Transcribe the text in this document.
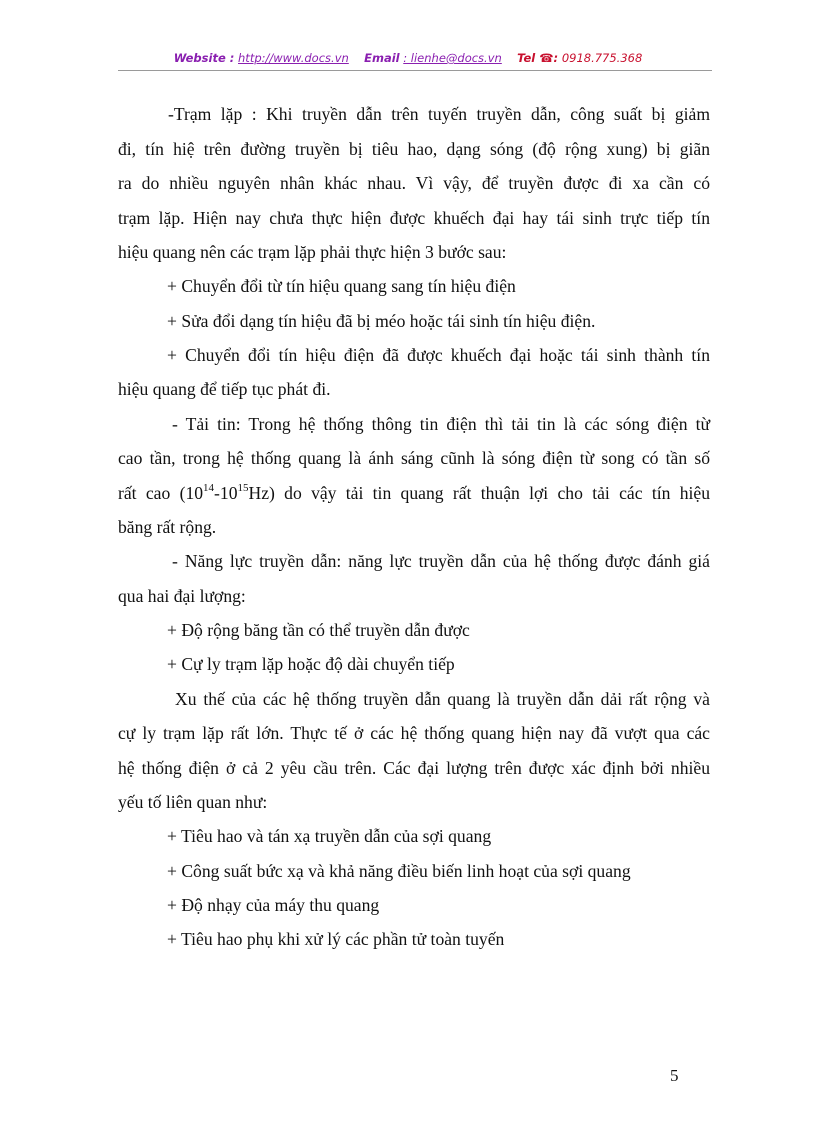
Website : http://www.docs.vn Email : lienhe@docs.vn Tel ☎: 0918.775.368
-Trạm lặp : Khi truyền dẫn trên tuyến truyền dẫn, công suất bị giảm
đi, tín hiệ trên đường truyền bị tiêu hao, dạng sóng (độ rộng xung) bị giãn
ra do nhiều nguyên nhân khác nhau. Vì vậy, để truyền được đi xa cần có
trạm lặp. Hiện nay chưa thực hiện được khuếch đại hay tái sinh trực tiếp tín
hiệu quang nên các trạm lặp phải thực hiện 3 bước sau:
+ Chuyển đổi từ tín hiệu quang sang tín hiệu điện
+ Sửa đổi dạng tín hiệu đã bị méo hoặc tái sinh tín hiệu điện.
+ Chuyển đổi tín hiệu điện đã được khuếch đại hoặc tái sinh thành tín
hiệu quang để tiếp tục phát đi.
- Tải tin: Trong hệ thống thông tin điện thì tải tin là các sóng điện từ
cao tần, trong hệ thống quang là ánh sáng cũnh là sóng điện từ song có tần số
rất cao $(10^{14}-10^{15}Hz)$ do vậy tải tin quang rất thuận lợi cho tải các tín hiệu
băng rất rộng.
- Năng lực truyền dẫn: năng lực truyền dẫn của hệ thống được đánh giá
qua hai đại lượng:
+ Độ rộng băng tần có thể truyền dẫn được
+ Cự ly trạm lặp hoặc độ dài chuyển tiếp
Xu thế của các hệ thống truyền dẫn quang là truyền dẫn dải rất rộng và
cự ly trạm lặp rất lớn. Thực tế ở các hệ thống quang hiện nay đã vượt qua các
hệ thống điện ở cả 2 yêu cầu trên. Các đại lượng trên được xác định bởi nhiều
yếu tố liên quan như:
+ Tiêu hao và tán xạ truyền dẫn của sợi quang
+ Công suất bức xạ và khả năng điều biến linh hoạt của sợi quang
+ Độ nhạy của máy thu quang
+ Tiêu hao phụ khi xử lý các phần tử toàn tuyến
5
